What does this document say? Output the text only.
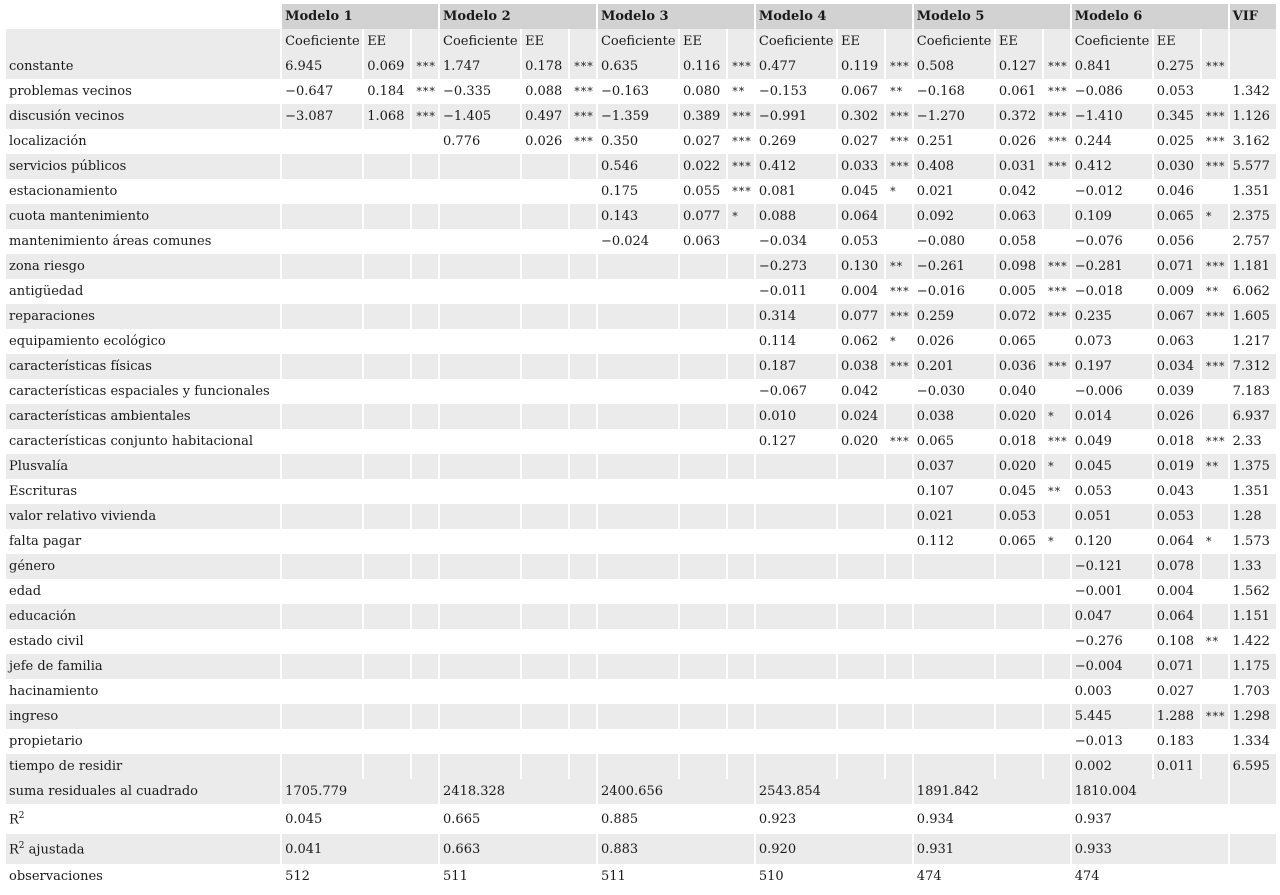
	Modelo 1			Modelo 2			Modelo 3			Modelo 4			Modelo 5			Modelo 6			VIF
	Coeficiente	EE		Coeficiente	EE		Coeficiente	EE		Coeficiente	EE		Coeficiente	EE		Coeficiente	EE		
constante	6.945	0.069	***	1.747	0.178	***	0.635	0.116	***	0.477	0.119	***	0.508	0.127	***	0.841	0.275	***	
problemas vecinos	−0.647	0.184	***	−0.335	0.088	***	−0.163	0.080	**	−0.153	0.067	**	−0.168	0.061	***	−0.086	0.053		1.342
discusión vecinos	−3.087	1.068	***	−1.405	0.497	***	−1.359	0.389	***	−0.991	0.302	***	−1.270	0.372	***	−1.410	0.345	***	1.126
localización				0.776	0.026	***	0.350	0.027	***	0.269	0.027	***	0.251	0.026	***	0.244	0.025	***	3.162
servicios públicos							0.546	0.022	***	0.412	0.033	***	0.408	0.031	***	0.412	0.030	***	5.577
estacionamiento							0.175	0.055	***	0.081	0.045	*	0.021	0.042		−0.012	0.046		1.351
cuota mantenimiento							0.143	0.077	*	0.088	0.064		0.092	0.063		0.109	0.065	*	2.375
mantenimiento áreas comunes							−0.024	0.063		−0.034	0.053		−0.080	0.058		−0.076	0.056		2.757
zona riesgo										−0.273	0.130	**	−0.261	0.098	***	−0.281	0.071	***	1.181
antigüedad										−0.011	0.004	***	−0.016	0.005	***	−0.018	0.009	**	6.062
reparaciones										0.314	0.077	***	0.259	0.072	***	0.235	0.067	***	1.605
equipamiento ecológico										0.114	0.062	*	0.026	0.065		0.073	0.063		1.217
características físicas										0.187	0.038	***	0.201	0.036	***	0.197	0.034	***	7.312
características espaciales y funcionales										−0.067	0.042		−0.030	0.040		−0.006	0.039		7.183
características ambientales										0.010	0.024		0.038	0.020	*	0.014	0.026		6.937
características conjunto habitacional										0.127	0.020	***	0.065	0.018	***	0.049	0.018	***	2.33
Plusvalía													0.037	0.020	*	0.045	0.019	**	1.375
Escrituras													0.107	0.045	**	0.053	0.043		1.351
valor relativo vivienda													0.021	0.053		0.051	0.053		1.28
falta pagar													0.112	0.065	*	0.120	0.064	*	1.573
género																−0.121	0.078		1.33
edad																−0.001	0.004		1.562
educación																0.047	0.064		1.151
estado civil																−0.276	0.108	**	1.422
jefe de familia																−0.004	0.071		1.175
hacinamiento																0.003	0.027		1.703
ingreso																5.445	1.288	***	1.298
propietario																−0.013	0.183		1.334
tiempo de residir																0.002	0.011		6.595
suma residuales al cuadrado	1705.779			2418.328			2400.656			2543.854			1891.842			1810.004			
$R^2$	0.045			0.665			0.885			0.923			0.934			0.937			
$R^2$ ajustada	0.041			0.663			0.883			0.920			0.931			0.933			
observaciones	512			511			511			510			474			474			
